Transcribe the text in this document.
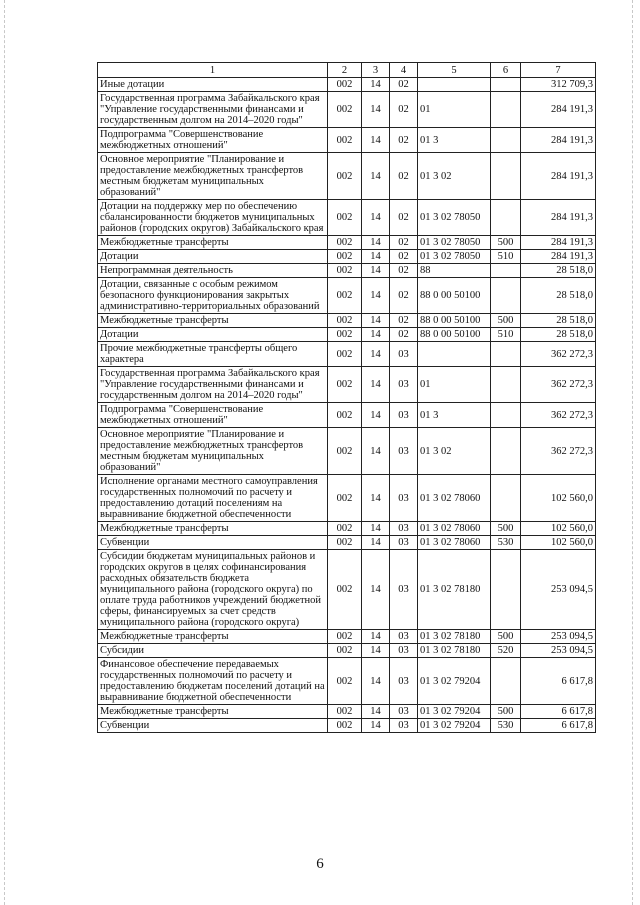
1	2	3	4	5	6	7
Иные дотации	002	14	02			312 709,3
Государственная программа Забайкальского края "Управление государственными финансами и государственным долгом на 2014–2020 годы"	002	14	02	01		284 191,3
Подпрограмма "Совершенствование межбюджетных отношений"	002	14	02	01 3		284 191,3
Основное мероприятие "Планирование и предоставление межбюджетных трансфертов местным бюджетам муниципальных образований"	002	14	02	01 3 02		284 191,3
Дотации на поддержку мер по обеспечению сбалансированности бюджетов муниципальных районов (городских округов) Забайкальского края	002	14	02	01 3 02 78050		284 191,3
Межбюджетные трансферты	002	14	02	01 3 02 78050	500	284 191,3
Дотации	002	14	02	01 3 02 78050	510	284 191,3
Непрограммная деятельность	002	14	02	88		28 518,0
Дотации, связанные с особым режимом безопасного функционирования закрытых административно-территориальных образований	002	14	02	88 0 00 50100		28 518,0
Межбюджетные трансферты	002	14	02	88 0 00 50100	500	28 518,0
Дотации	002	14	02	88 0 00 50100	510	28 518,0
Прочие межбюджетные трансферты общего характера	002	14	03			362 272,3
Государственная программа Забайкальского края "Управление государственными финансами и государственным долгом на 2014–2020 годы"	002	14	03	01		362 272,3
Подпрограмма "Совершенствование межбюджетных отношений"	002	14	03	01 3		362 272,3
Основное мероприятие "Планирование и предоставление межбюджетных трансфертов местным бюджетам муниципальных образований"	002	14	03	01 3 02		362 272,3
Исполнение органами местного самоуправления государственных полномочий по расчету и предоставлению дотаций поселениям на выравнивание бюджетной обеспеченности	002	14	03	01 3 02 78060		102 560,0
Межбюджетные трансферты	002	14	03	01 3 02 78060	500	102 560,0
Субвенции	002	14	03	01 3 02 78060	530	102 560,0
Субсидии бюджетам муниципальных районов и городских округов в целях софинансирования расходных обязательств бюджета муниципального района (городского округа) по оплате труда работников учреждений бюджетной сферы, финансируемых за счет средств муниципального района (городского округа)	002	14	03	01 3 02 78180		253 094,5
Межбюджетные трансферты	002	14	03	01 3 02 78180	500	253 094,5
Субсидии	002	14	03	01 3 02 78180	520	253 094,5
Финансовое обеспечение передаваемых государственных полномочий по расчету и предоставлению бюджетам поселений дотаций на выравнивание бюджетной обеспеченности	002	14	03	01 3 02 79204		6 617,8
Межбюджетные трансферты	002	14	03	01 3 02 79204	500	6 617,8
Субвенции	002	14	03	01 3 02 79204	530	6 617,8
6
